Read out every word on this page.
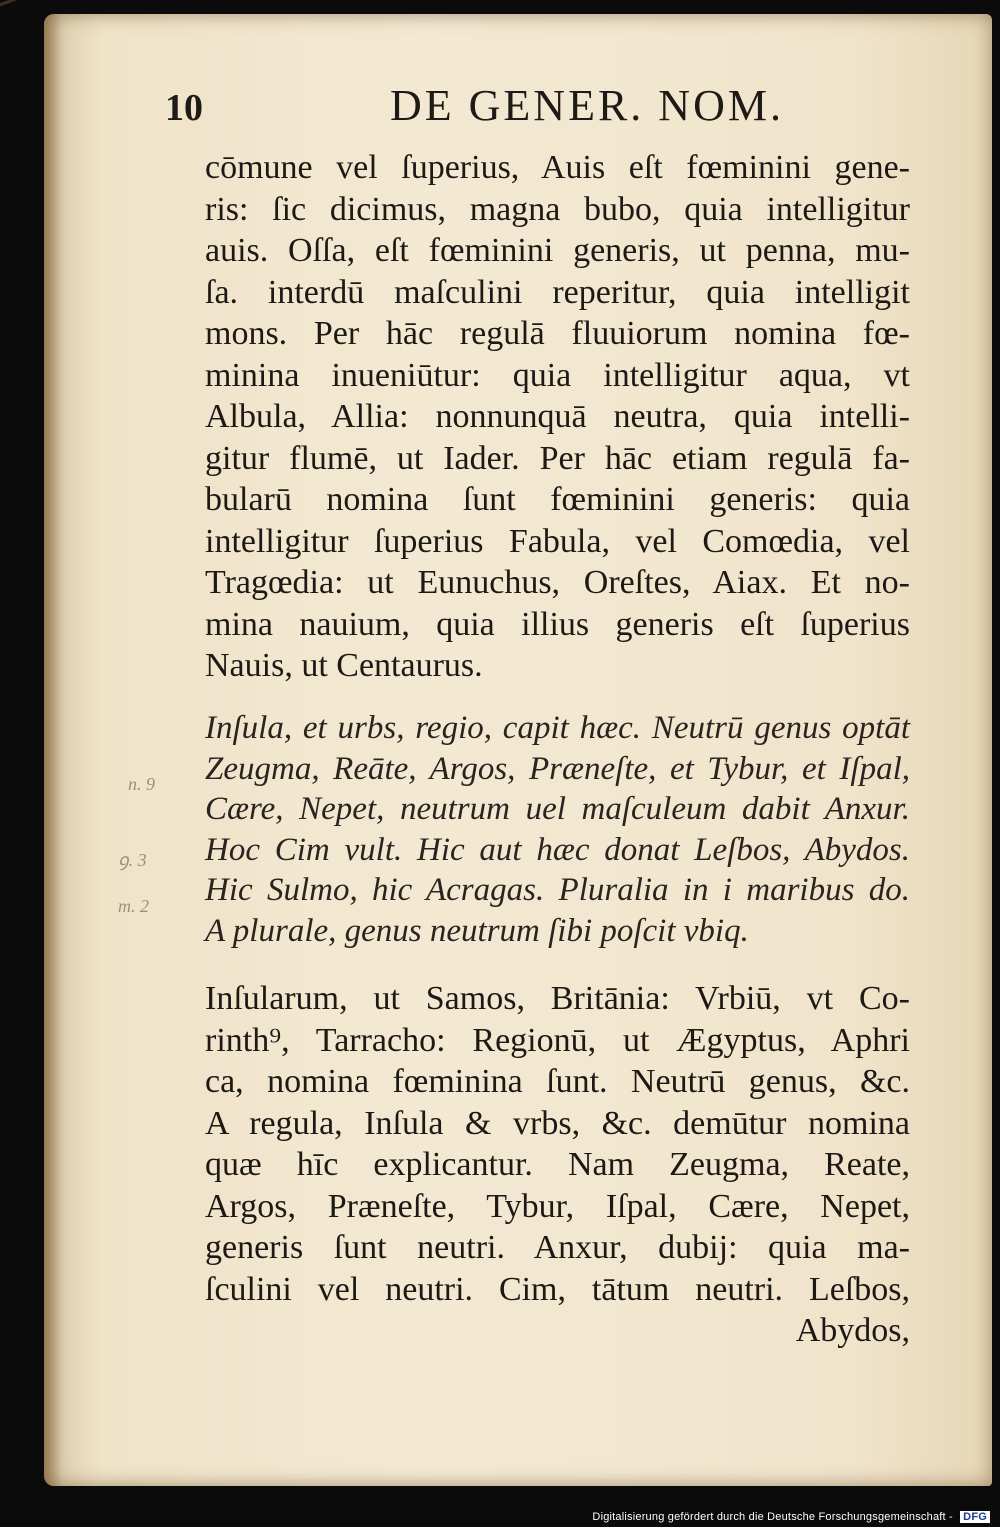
10	DE GENER. NOM.
cōmune vel ſuperius, Auis eſt fœminini gene-
ris: ſic dicimus, magna bubo, quia intelligitur
auis. Oſſa, eſt fœminini generis, ut penna, mu-
ſa. interdū maſculini reperitur, quia intelligit
mons. Per hāc regulā fluuiorum nomina fœ-
minina inueniūtur: quia intelligitur aqua, vt
Albula, Allia: nonnunquā neutra, quia intelli-
gitur flumē, ut Iader. Per hāc etiam regulā fa-
bularū nomina ſunt fœminini generis: quia
intelligitur ſuperius Fabula, vel Comœdia, vel
Tragœdia: ut Eunuchus, Oreſtes, Aiax. Et no-
mina nauium, quia illius generis eſt ſuperius
Nauis, ut Centaurus.
n. 9
ꝯ. 3
m. 2
Inſula, et urbs, regio, capit hæc. Neutrū genus optāt
Zeugma, Reāte, Argos, Præneſte, et Tybur, et Iſpal,
Cære, Nepet, neutrum uel maſculeum dabit Anxur.
Hoc Cim vult. Hic aut hæc donat Leſbos, Abydos.
Hic Sulmo, hic Acragas. Pluralia in i maribus do.
A plurale, genus neutrum ſibi poſcit vbiq.
Inſularum, ut Samos, Britānia: Vrbiū, vt Co-
rinth⁹, Tarracho: Regionū, ut Ægyptus, Aphri
ca, nomina fœminina ſunt. Neutrū genus, &c.
A regula, Inſula & vrbs, &c. demūtur nomina
quæ hīc explicantur. Nam Zeugma, Reate,
Argos, Præneſte, Tybur, Iſpal, Cære, Nepet,
generis ſunt neutri. Anxur, dubij: quia ma-
ſculini vel neutri. Cim, tātum neutri. Leſbos,
Abydos,
Digitalisierung gefördert durch die Deutsche Forschungsgemeinschaft - DFG
